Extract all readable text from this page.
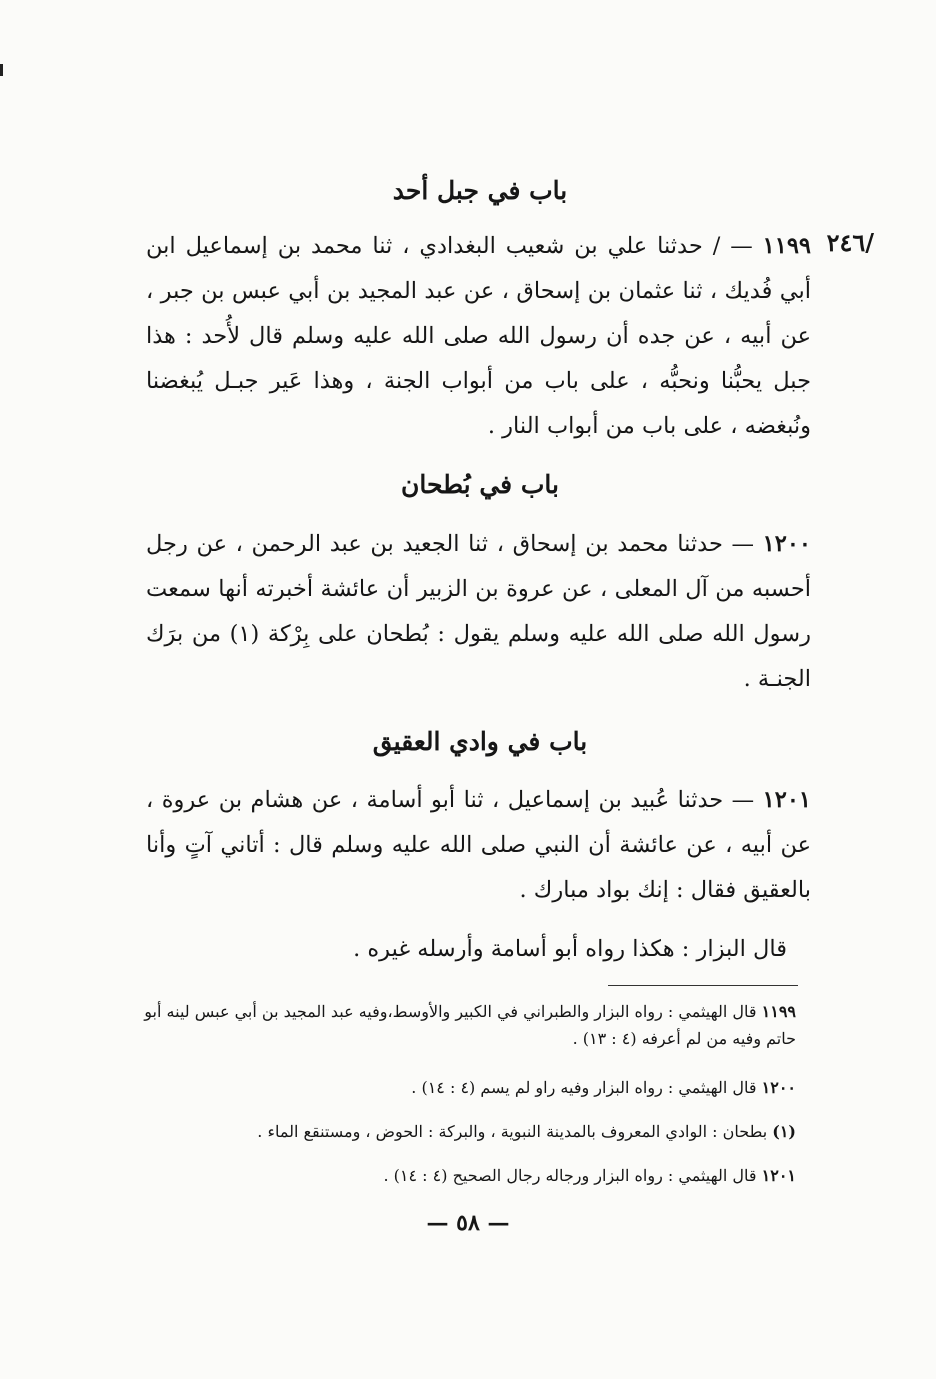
باب في جبل أحد
/٢٤٦
١١٩٩ — / حدثنا علي بن شعيب البغدادي ، ثنا محمد بن إسماعيل ابن أبي فُديك ، ثنا عثمان بن إسحاق ، عن عبد المجيد بن أبي عبس بن جبر ، عن أبيه ، عن جده أن رسول الله صلى الله عليه وسلم قال لأُحد : هذا جبل يحبُّنا ونحبُّه ، على باب من أبواب الجنة ، وهذا عَير جبـل يُبغضنا ونُبغضه ، على باب من أبواب النار .
باب في بُطحان
١٢٠٠ — حدثنا محمد بن إسحاق ، ثنا الجعيد بن عبد الرحمن ، عن رجل أحسبه من آل المعلى ، عن عروة بن الزبير أن عائشة أخبرته أنها سمعت رسول الله صلى الله عليه وسلم يقول : بُطحان على بِرْكة (١) من برَك الجنـة .
باب في وادي العقيق
١٢٠١ — حدثنا عُبيد بن إسماعيل ، ثنا أبو أسامة ، عن هشام بن عروة ، عن أبيه ، عن عائشة أن النبي صلى الله عليه وسلم قال : أتاني آتٍ وأنا بالعقيق فقال : إنك بواد مبارك .
قال البزار : هكذا رواه أبو أسامة وأرسله غيره .
١١٩٩ قال الهيثمي : رواه البزار والطبراني في الكبير والأوسط،وفيه عبد المجيد بن أبي عبس لينه أبو حاتم وفيه من لم أعرفه (٤ : ١٣) .
١٢٠٠ قال الهيثمي : رواه البزار وفيه راو لم يسم (٤ : ١٤) .
(١) بطحان : الوادي المعروف بالمدينة النبوية ، والبركة : الحوض ، ومستنقع الماء .
١٢٠١ قال الهيثمي : رواه البزار ورجاله رجال الصحيح (٤ : ١٤) .
— ٥٨ —
